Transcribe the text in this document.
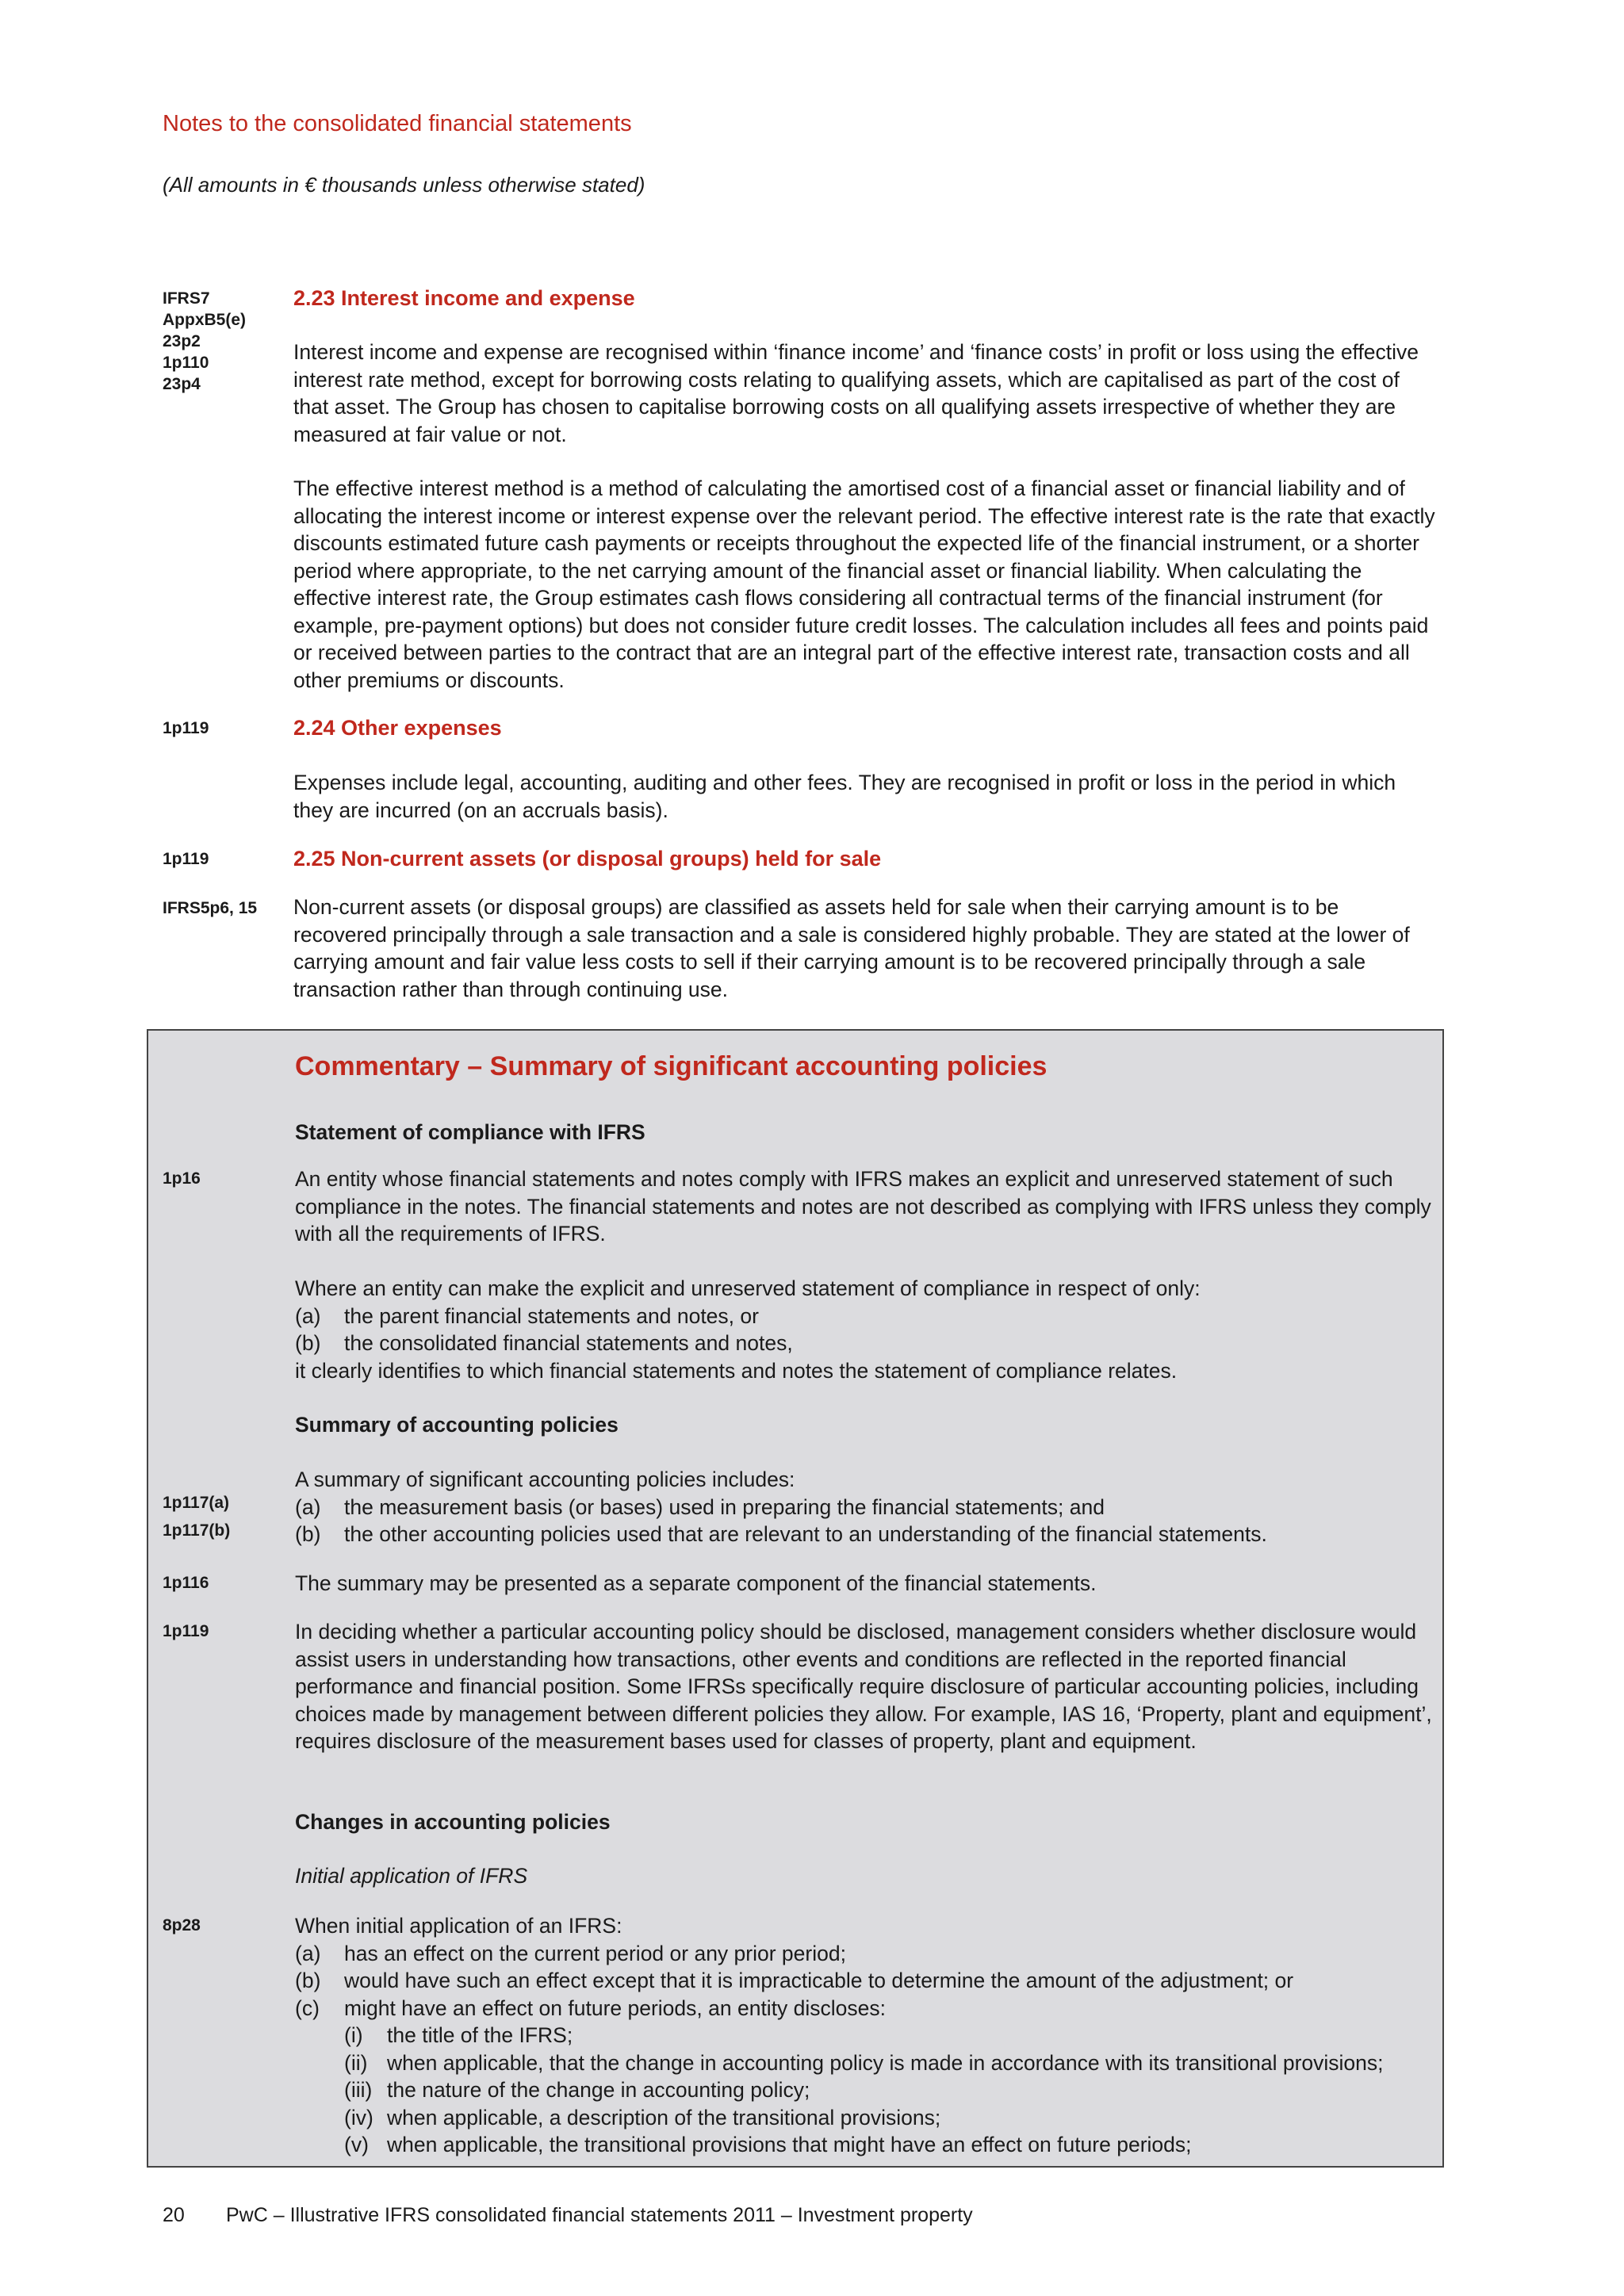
Notes to the consolidated financial statements
(All amounts in € thousands unless otherwise stated)
IFRS7
AppxB5(e)
23p2
1p110
23p4
2.23 Interest income and expense

Interest income and expense are recognised within ‘finance income’ and ‘finance costs’ in profit or loss using the effective interest rate method, except for borrowing costs relating to qualifying assets, which are capitalised as part of the cost of that asset. The Group has chosen to capitalise borrowing costs on all qualifying assets irrespective of whether they are measured at fair value or not.

The effective interest method is a method of calculating the amortised cost of a financial asset or financial liability and of allocating the interest income or interest expense over the relevant period. The effective interest rate is the rate that exactly discounts estimated future cash payments or receipts throughout the expected life of the financial instrument, or a shorter period where appropriate, to the net carrying amount of the financial asset or financial liability. When calculating the effective interest rate, the Group estimates cash flows considering all contractual terms of the financial instrument (for example, pre-payment options) but does not consider future credit losses. The calculation includes all fees and points paid or received between parties to the contract that are an integral part of the effective interest rate, transaction costs and all other premiums or discounts.

1p119	2.24 Other expenses

Expenses include legal, accounting, auditing and other fees. They are recognised in profit or loss in the period in which they are incurred (on an accruals basis).

1p119	2.25 Non-current assets (or disposal groups) held for sale
IFRS5p6, 15	Non-current assets (or disposal groups) are classified as assets held for sale when their carrying amount is to be recovered principally through a sale transaction and a sale is considered highly probable. They are stated at the lower of carrying amount and fair value less costs to sell if their carrying amount is to be recovered principally through a sale transaction rather than through continuing use.

Commentary – Summary of significant accounting policies
Statement of compliance with IFRS
1p16	An entity whose financial statements and notes comply with IFRS makes an explicit and unreserved statement of such compliance in the notes. The financial statements and notes are not described as complying with IFRS unless they comply with all the requirements of IFRS.

Where an entity can make the explicit and unreserved statement of compliance in respect of only:

(a) the parent financial statements and notes, or
(b) the consolidated financial statements and notes,

it clearly identifies to which financial statements and notes the statement of compliance relates.

Summary of accounting policies

A summary of significant accounting policies includes:

(a) the measurement basis (or bases) used in preparing the financial statements; and
(b) the other accounting policies used that are relevant to an understanding of the financial statements.
1p117(a)
1p117(b)
1p116	The summary may be presented as a separate component of the financial statements.

1p119	In deciding whether a particular accounting policy should be disclosed, management considers whether disclosure would assist users in understanding how transactions, other events and conditions are reflected in the reported financial performance and financial position. Some IFRSs specifically require disclosure of particular accounting policies, including choices made by management between different policies they allow. For example, IAS 16, ‘Property, plant and equipment’, requires disclosure of the measurement bases used for classes of property, plant and equipment.

Changes in accounting policies
Initial application of IFRS
8p28	When initial application of an IFRS:

(a) has an effect on the current period or any prior period;
(b) would have such an effect except that it is impracticable to determine the amount of the adjustment; or
(c) might have an effect on future periods, an entity discloses:
(i) the title of the IFRS;
(ii) when applicable, that the change in accounting policy is made in accordance with its transitional provisions;
(iii) the nature of the change in accounting policy;
(iv) when applicable, a description of the transitional provisions;
(v) when applicable, the transitional provisions that might have an effect on future periods;
20 PwC – Illustrative IFRS consolidated financial statements 2011 – Investment property
